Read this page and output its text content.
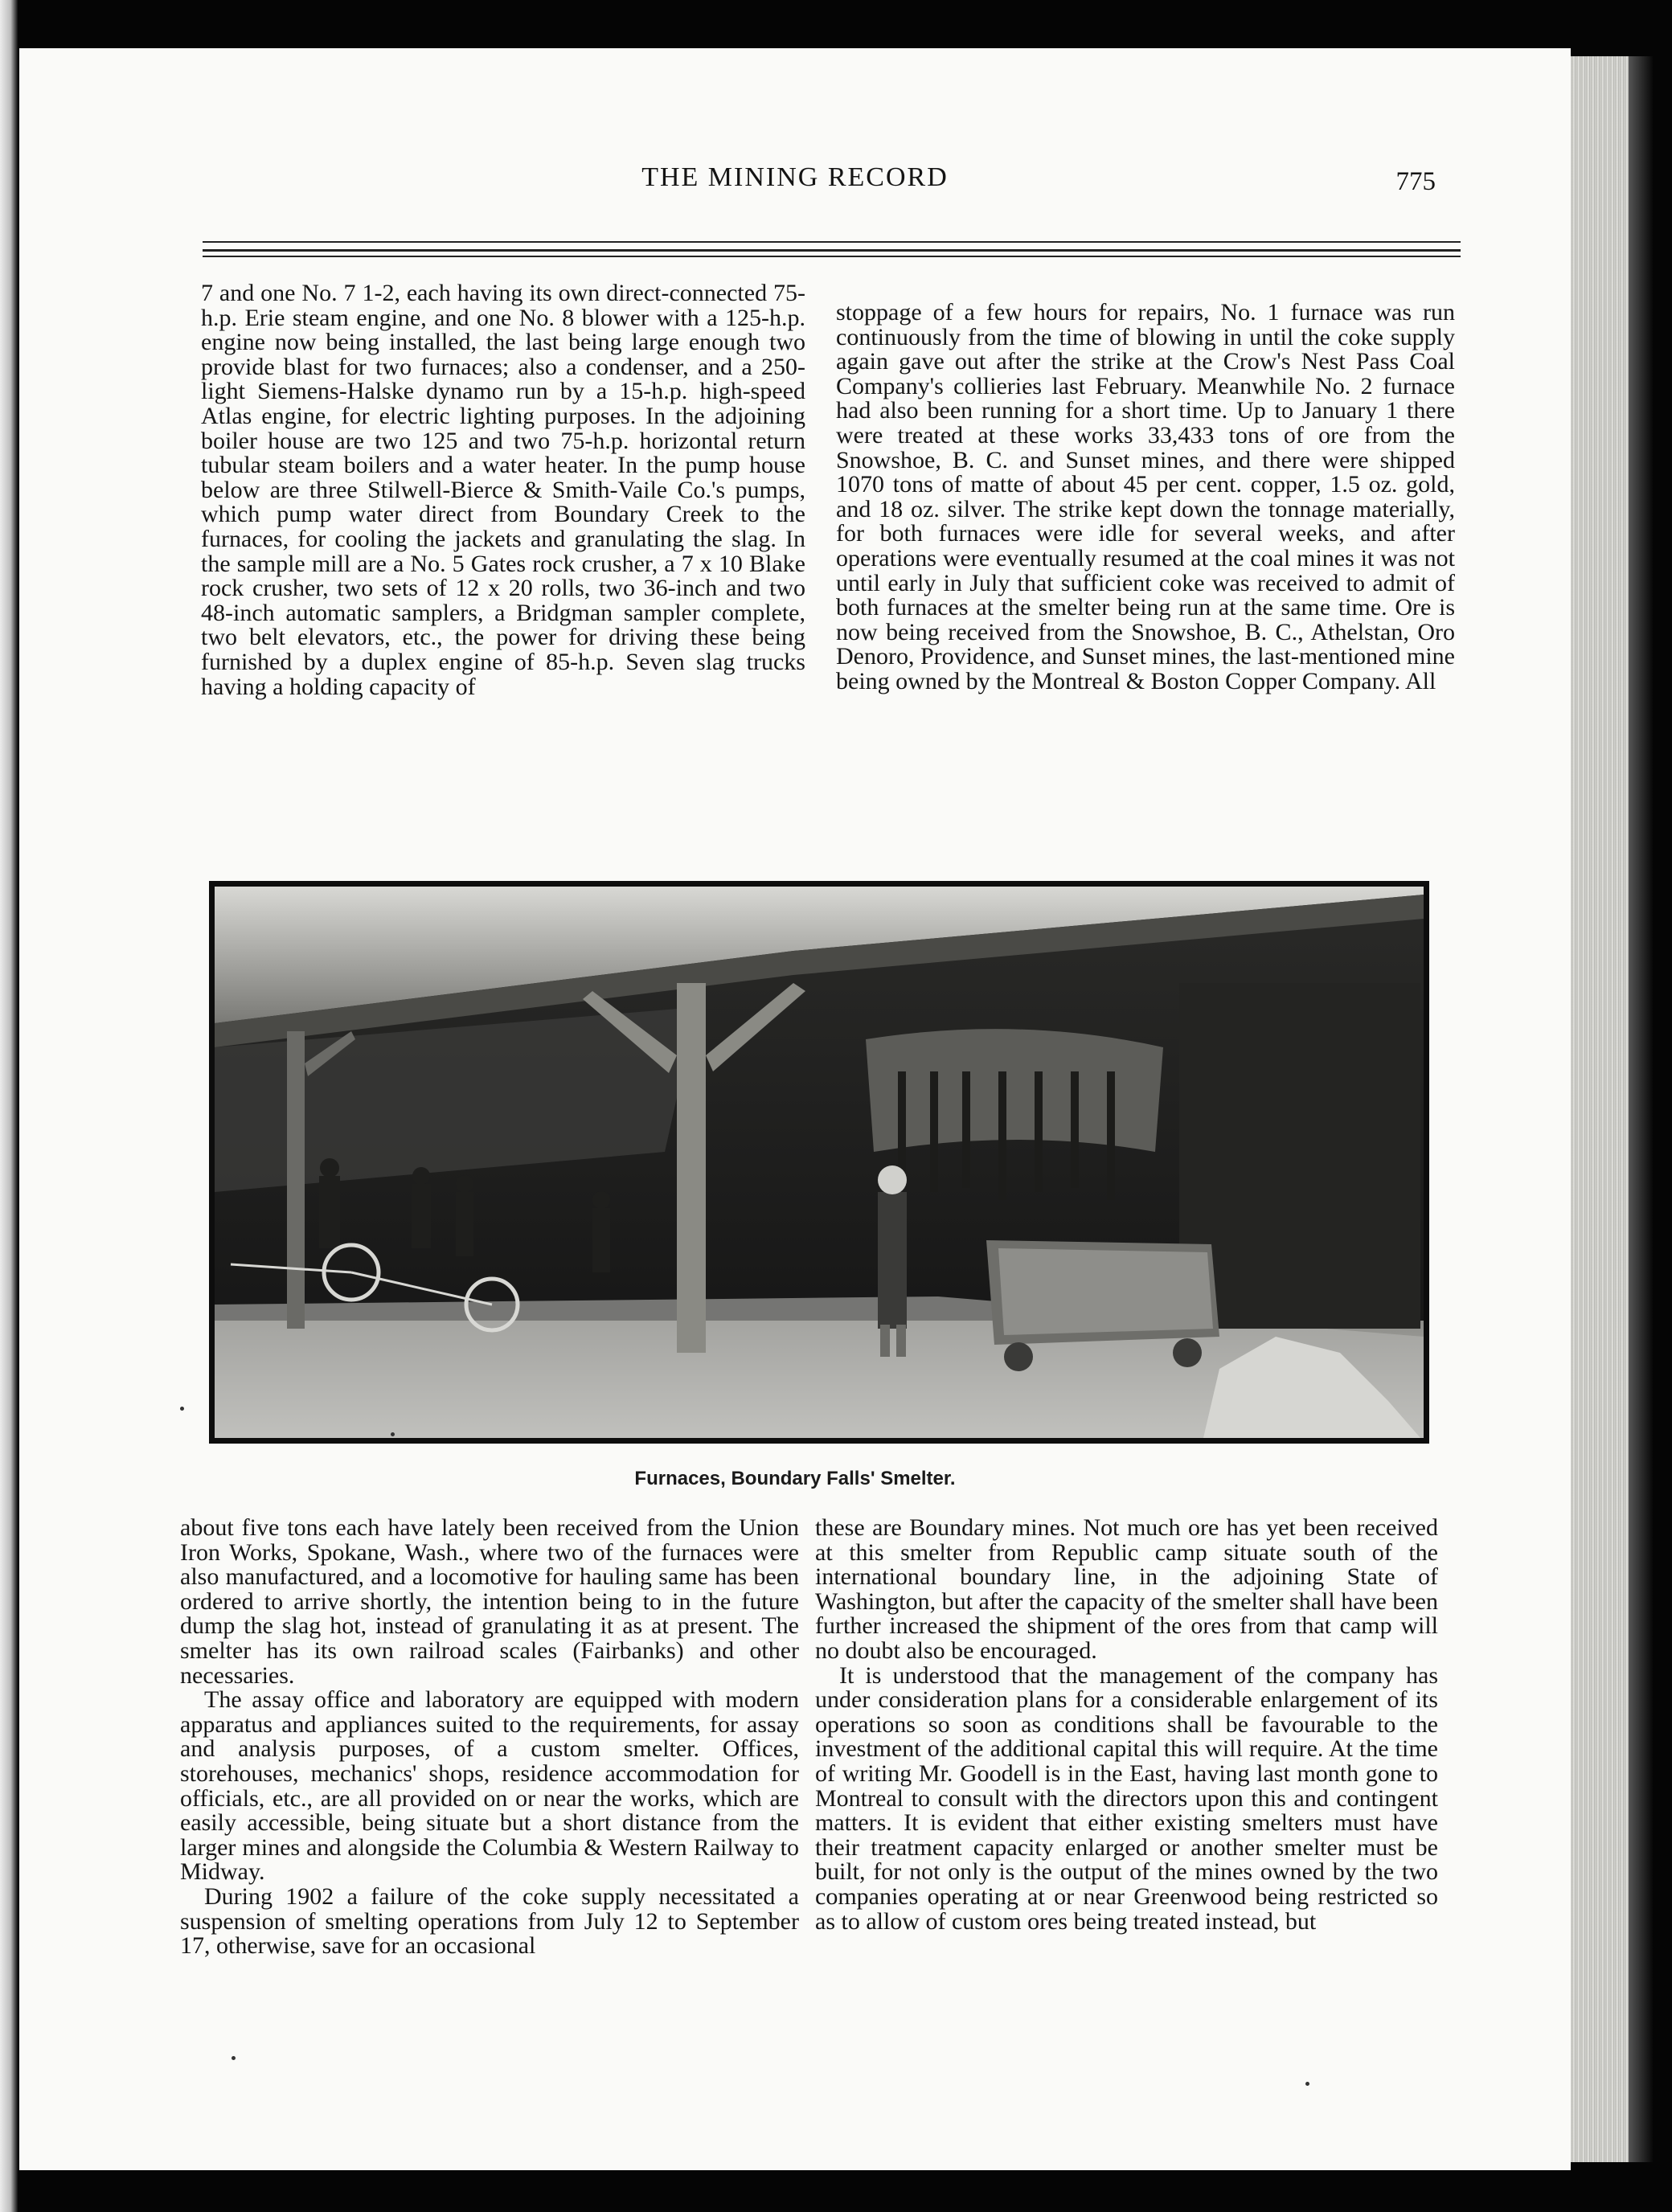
THE MINING RECORD	775

7 and one No. 7 1-2, each having its own direct-connected 75-h.p. Erie steam engine, and one No. 8 blower with a 125-h.p. engine now being installed, the last being large enough two provide blast for two furnaces; also a condenser, and a 250-light Siemens-Halske dynamo run by a 15-h.p. high-speed Atlas engine, for electric lighting purposes. In the adjoining boiler house are two 125 and two 75-h.p. horizontal return tubular steam boilers and a water heater. In the pump house below are three Stilwell-Bierce & Smith-Vaile Co.'s pumps, which pump water direct from Boundary Creek to the furnaces, for cooling the jackets and granulating the slag. In the sample mill are a No. 5 Gates rock crusher, a 7 x 10 Blake rock crusher, two sets of 12 x 20 rolls, two 36-inch and two 48-inch automatic samplers, a Bridgman sampler complete, two belt elevators, etc., the power for driving these being furnished by a duplex engine of 85-h.p. Seven slag trucks having a holding capacity of

stoppage of a few hours for repairs, No. 1 furnace was run continuously from the time of blowing in until the coke supply again gave out after the strike at the Crow's Nest Pass Coal Company's collieries last February. Meanwhile No. 2 furnace had also been running for a short time. Up to January 1 there were treated at these works 33,433 tons of ore from the Snowshoe, B. C. and Sunset mines, and there were shipped 1070 tons of matte of about 45 per cent. copper, 1.5 oz. gold, and 18 oz. silver. The strike kept down the tonnage materially, for both furnaces were idle for several weeks, and after operations were eventually resumed at the coal mines it was not until early in July that sufficient coke was received to admit of both furnaces at the smelter being run at the same time. Ore is now being received from the Snowshoe, B. C., Athelstan, Oro Denoro, Providence, and Sunset mines, the last-mentioned mine being owned by the Montreal & Boston Copper Company. All

Furnaces, Boundary Falls' Smelter.

about five tons each have lately been received from the Union Iron Works, Spokane, Wash., where two of the furnaces were also manufactured, and a locomotive for hauling same has been ordered to arrive shortly, the intention being to in the future dump the slag hot, instead of granulating it as at present. The smelter has its own railroad scales (Fairbanks) and other necessaries.

The assay office and laboratory are equipped with modern apparatus and appliances suited to the requirements, for assay and analysis purposes, of a custom smelter. Offices, storehouses, mechanics' shops, residence accommodation for officials, etc., are all provided on or near the works, which are easily accessible, being situate but a short distance from the larger mines and alongside the Columbia & Western Railway to Midway.

During 1902 a failure of the coke supply necessitated a suspension of smelting operations from July 12 to September 17, otherwise, save for an occasional

these are Boundary mines. Not much ore has yet been received at this smelter from Republic camp situate south of the international boundary line, in the adjoining State of Washington, but after the capacity of the smelter shall have been further increased the shipment of the ores from that camp will no doubt also be encouraged.

It is understood that the management of the company has under consideration plans for a considerable enlargement of its operations so soon as conditions shall be favourable to the investment of the additional capital this will require. At the time of writing Mr. Goodell is in the East, having last month gone to Montreal to consult with the directors upon this and contingent matters. It is evident that either existing smelters must have their treatment capacity enlarged or another smelter must be built, for not only is the output of the mines owned by the two companies operating at or near Greenwood being restricted so as to allow of custom ores being treated instead, but
